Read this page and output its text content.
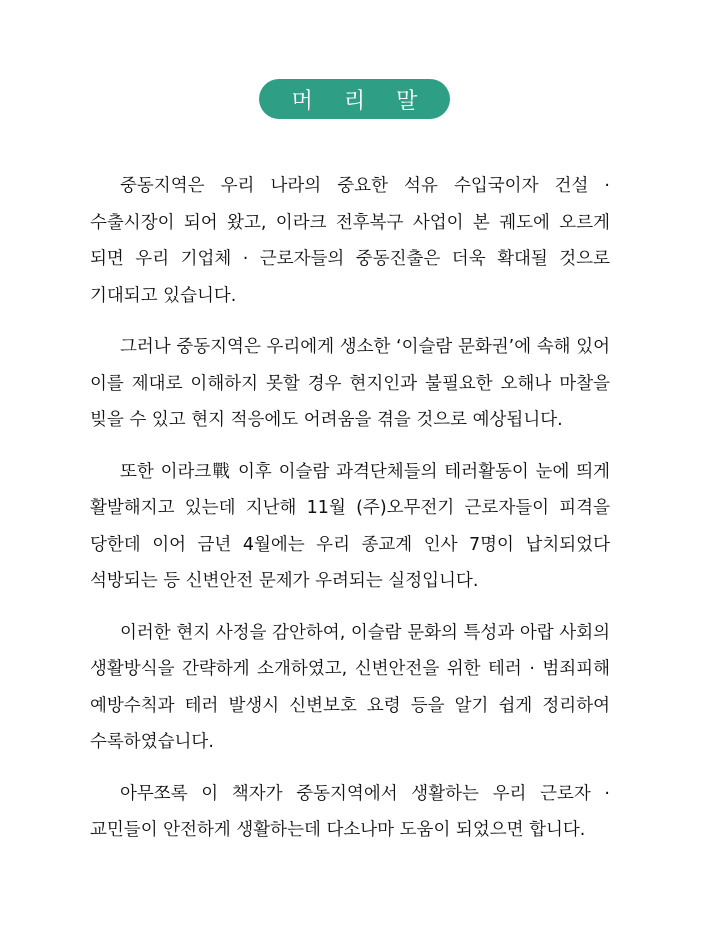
머 리 말

중동지역은 우리 나라의 중요한 석유 수입국이자 건설 · 수출시장이 되어 왔고, 이라크 전후복구 사업이 본 궤도에 오르게 되면 우리 기업체 · 근로자들의 중동진출은 더욱 확대될 것으로 기대되고 있습니다.

그러나 중동지역은 우리에게 생소한 ‘이슬람 문화권’에 속해 있어 이를 제대로 이해하지 못할 경우 현지인과 불필요한 오해나 마찰을 빚을 수 있고 현지 적응에도 어려움을 겪을 것으로 예상됩니다.

또한 이라크戰 이후 이슬람 과격단체들의 테러활동이 눈에 띄게 활발해지고 있는데 지난해 11월 (주)오무전기 근로자들이 피격을 당한데 이어 금년 4월에는 우리 종교계 인사 7명이 납치되었다 석방되는 등 신변안전 문제가 우려되는 실정입니다.

이러한 현지 사정을 감안하여, 이슬람 문화의 특성과 아랍 사회의 생활방식을 간략하게 소개하였고, 신변안전을 위한 테러 · 범죄피해 예방수칙과 테러 발생시 신변보호 요령 등을 알기 쉽게 정리하여 수록하였습니다.

아무쪼록 이 책자가 중동지역에서 생활하는 우리 근로자 · 교민들이 안전하게 생활하는데 다소나마 도움이 되었으면 합니다.
